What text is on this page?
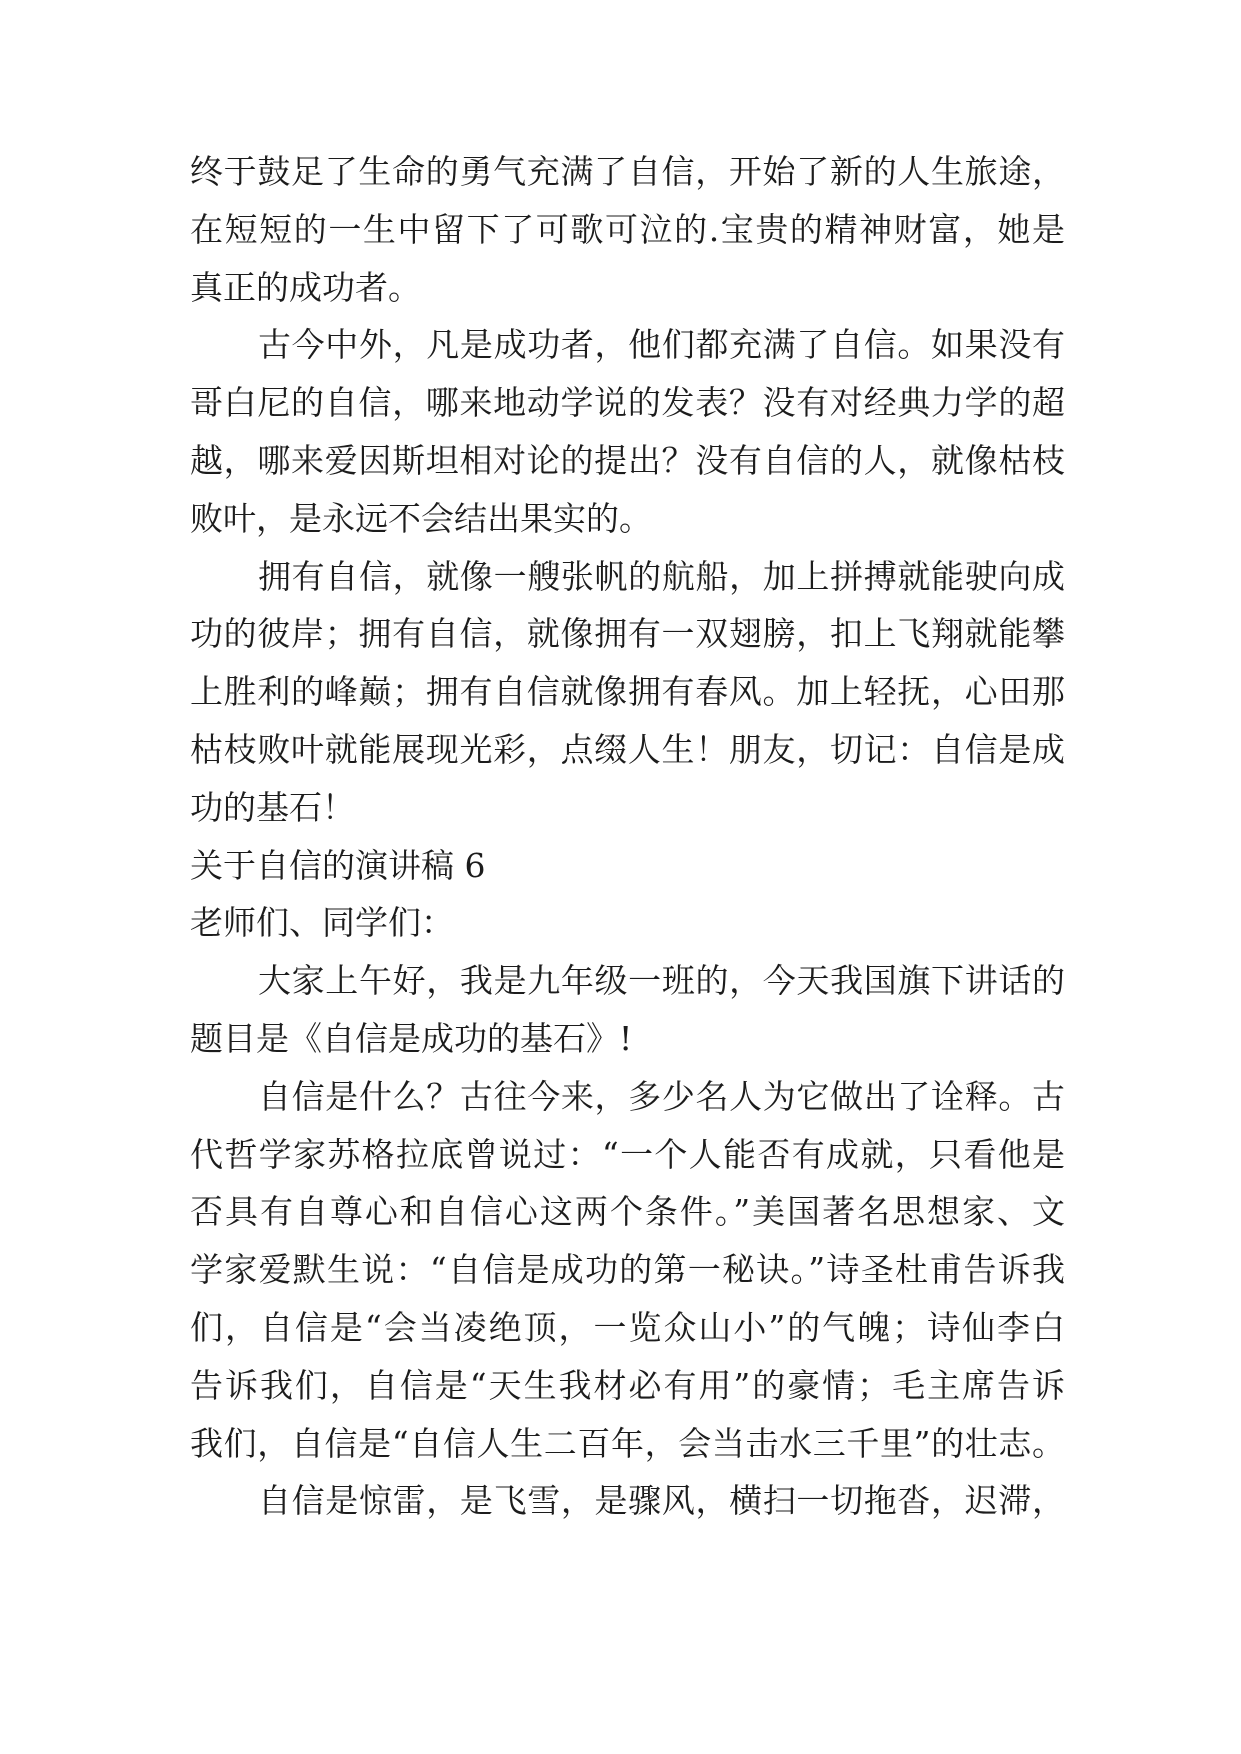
终于鼓足了生命的勇气充满了自信，开始了新的人生旅途，
在短短的一生中留下了可歌可泣的.宝贵的精神财富，她是
真正的成功者。
古今中外，凡是成功者，他们都充满了自信。如果没有
哥白尼的自信，哪来地动学说的发表？没有对经典力学的超
越，哪来爱因斯坦相对论的提出？没有自信的人，就像枯枝
败叶，是永远不会结出果实的。
拥有自信，就像一艘张帆的航船，加上拼搏就能驶向成
功的彼岸；拥有自信，就像拥有一双翅膀，扣上飞翔就能攀
上胜利的峰巅；拥有自信就像拥有春风。加上轻抚，心田那
枯枝败叶就能展现光彩，点缀人生！朋友，切记：自信是成
功的基石！
关于自信的演讲稿 6
老师们、同学们：
大家上午好，我是九年级一班的，今天我国旗下讲话的
题目是《自信是成功的基石》!
自信是什么？古往今来，多少名人为它做出了诠释。古
代哲学家苏格拉底曾说过：“一个人能否有成就，只看他是
否具有自尊心和自信心这两个条件。”美国著名思想家、文
学家爱默生说：“自信是成功的第一秘诀。”诗圣杜甫告诉我
们，自信是“会当凌绝顶，一览众山小”的气魄；诗仙李白
告诉我们，自信是“天生我材必有用”的豪情；毛主席告诉
我们，自信是“自信人生二百年，会当击水三千里”的壮志。
自信是惊雷，是飞雪，是骤风，横扫一切拖沓，迟滞，
